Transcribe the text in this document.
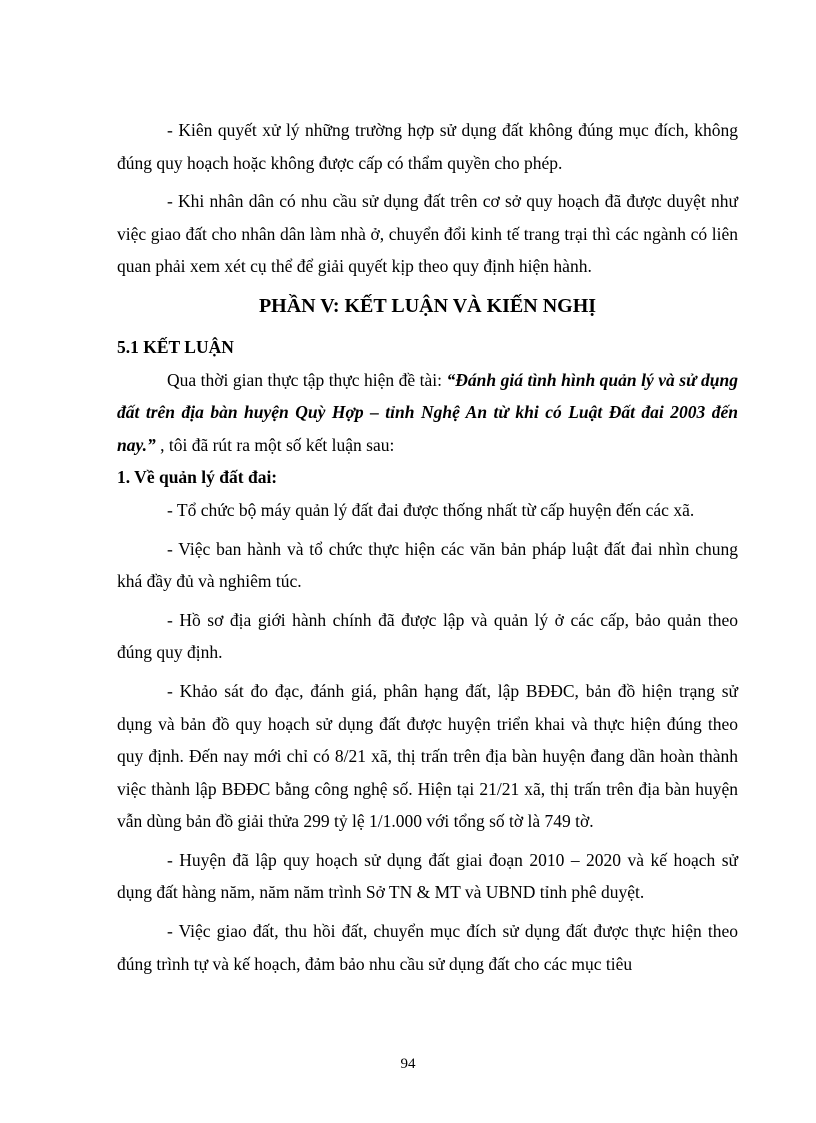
- Kiên quyết xử lý những trường hợp sử dụng đất không đúng mục đích, không đúng quy hoạch hoặc không được cấp có thẩm quyền cho phép.

- Khi nhân dân có nhu cầu sử dụng đất trên cơ sở quy hoạch đã được duyệt như việc giao đất cho nhân dân làm nhà ở, chuyển đổi kinh tế trang trại thì các ngành có liên quan phải xem xét cụ thể để giải quyết kịp theo quy định hiện hành.

PHẦN V: KẾT LUẬN VÀ KIẾN NGHỊ

5.1 KẾT LUẬN

Qua thời gian thực tập thực hiện đề tài: “Đánh giá tình hình quản lý và sử dụng đất trên địa bàn huyện Quỳ Hợp – tỉnh Nghệ An từ khi có Luật Đất đai 2003 đến nay.” , tôi đã rút ra một số kết luận sau:

1. Về quản lý đất đai:

- Tổ chức bộ máy quản lý đất đai được thống nhất từ cấp huyện đến các xã.

- Việc ban hành và tổ chức thực hiện các văn bản pháp luật đất đai nhìn chung khá đầy đủ và nghiêm túc.

- Hồ sơ địa giới hành chính đã được lập và quản lý ở các cấp, bảo quản theo đúng quy định.

- Khảo sát đo đạc, đánh giá, phân hạng đất, lập BĐĐC, bản đồ hiện trạng sử dụng và bản đồ quy hoạch sử dụng đất được huyện triển khai và thực hiện đúng theo quy định. Đến nay mới chỉ có 8/21 xã, thị trấn trên địa bàn huyện đang dần hoàn thành việc thành lập BĐĐC bằng công nghệ số. Hiện tại 21/21 xã, thị trấn trên địa bàn huyện vẫn dùng bản đồ giải thửa 299 tỷ lệ 1/1.000 với tổng số tờ là 749 tờ.

- Huyện đã lập quy hoạch sử dụng đất giai đoạn 2010 – 2020 và kế hoạch sử dụng đất hàng năm, năm năm trình Sở TN & MT và UBND tỉnh phê duyệt.

- Việc giao đất, thu hồi đất, chuyển mục đích sử dụng đất được thực hiện theo đúng trình tự và kế hoạch, đảm bảo nhu cầu sử dụng đất cho các mục tiêu

94
